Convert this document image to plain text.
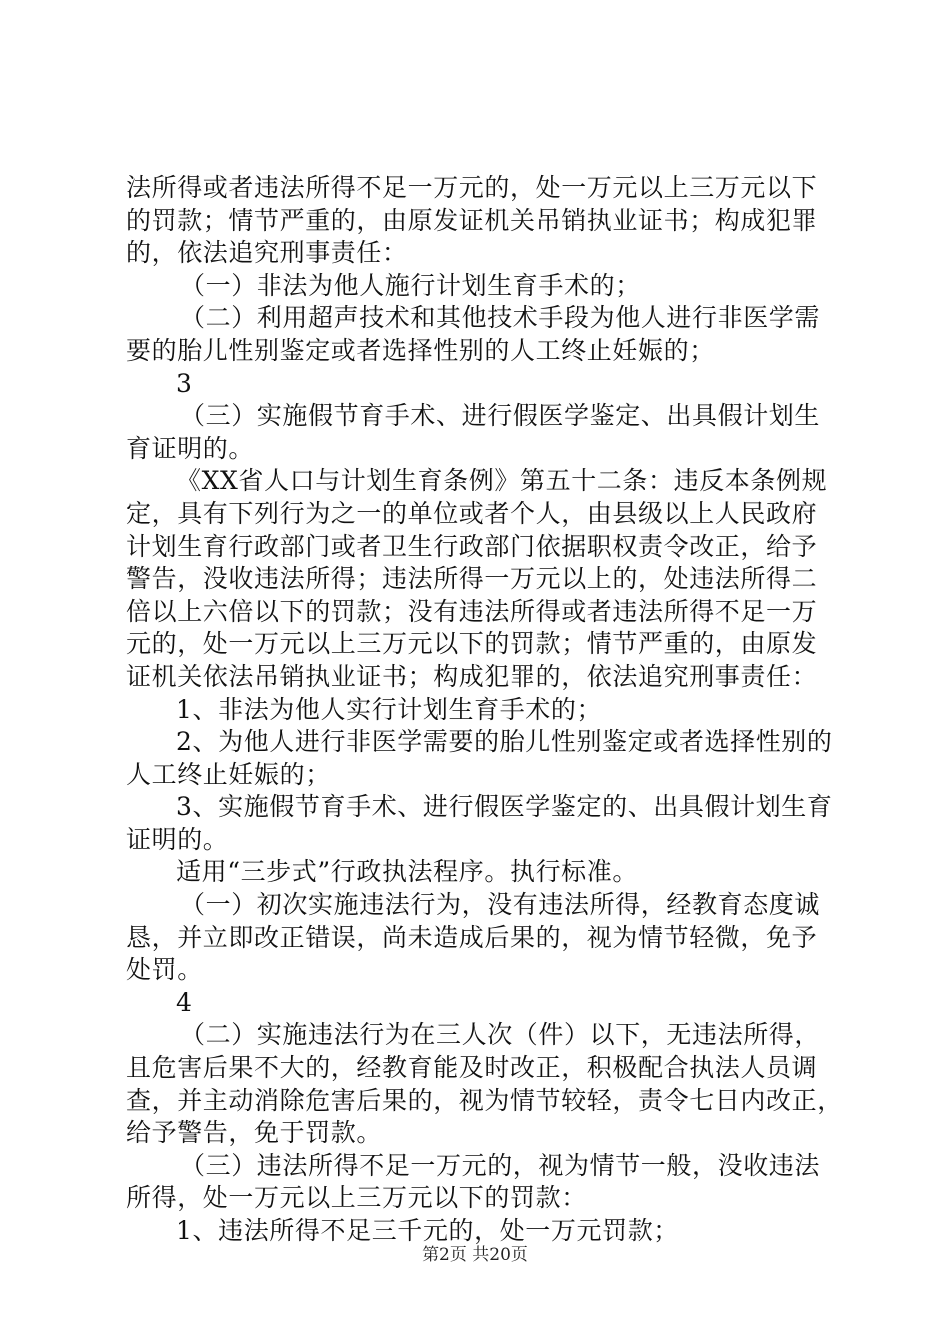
法所得或者违法所得不足一万元的，处一万元以上三万元以下
的罚款；情节严重的，由原发证机关吊销执业证书；构成犯罪
的，依法追究刑事责任：
（一）非法为他人施行计划生育手术的；
（二）利用超声技术和其他技术手段为他人进行非医学需
要的胎儿性别鉴定或者选择性别的人工终止妊娠的；
3
（三）实施假节育手术、进行假医学鉴定、出具假计划生
育证明的。
《XX省人口与计划生育条例》第五十二条：违反本条例规
定，具有下列行为之一的单位或者个人，由县级以上人民政府
计划生育行政部门或者卫生行政部门依据职权责令改正，给予
警告，没收违法所得；违法所得一万元以上的，处违法所得二
倍以上六倍以下的罚款；没有违法所得或者违法所得不足一万
元的，处一万元以上三万元以下的罚款；情节严重的，由原发
证机关依法吊销执业证书；构成犯罪的，依法追究刑事责任：
1、非法为他人实行计划生育手术的；
2、为他人进行非医学需要的胎儿性别鉴定或者选择性别的
人工终止妊娠的；
3、实施假节育手术、进行假医学鉴定的、出具假计划生育
证明的。
适用“三步式”行政执法程序。执行标准。
（一）初次实施违法行为，没有违法所得，经教育态度诚
恳，并立即改正错误，尚未造成后果的，视为情节轻微，免予
处罚。
4
（二）实施违法行为在三人次（件）以下，无违法所得，
且危害后果不大的，经教育能及时改正，积极配合执法人员调
查，并主动消除危害后果的，视为情节较轻，责令七日内改正，
给予警告，免于罚款。
（三）违法所得不足一万元的，视为情节一般，没收违法
所得，处一万元以上三万元以下的罚款：
1、违法所得不足三千元的，处一万元罚款；
第2页 共20页
